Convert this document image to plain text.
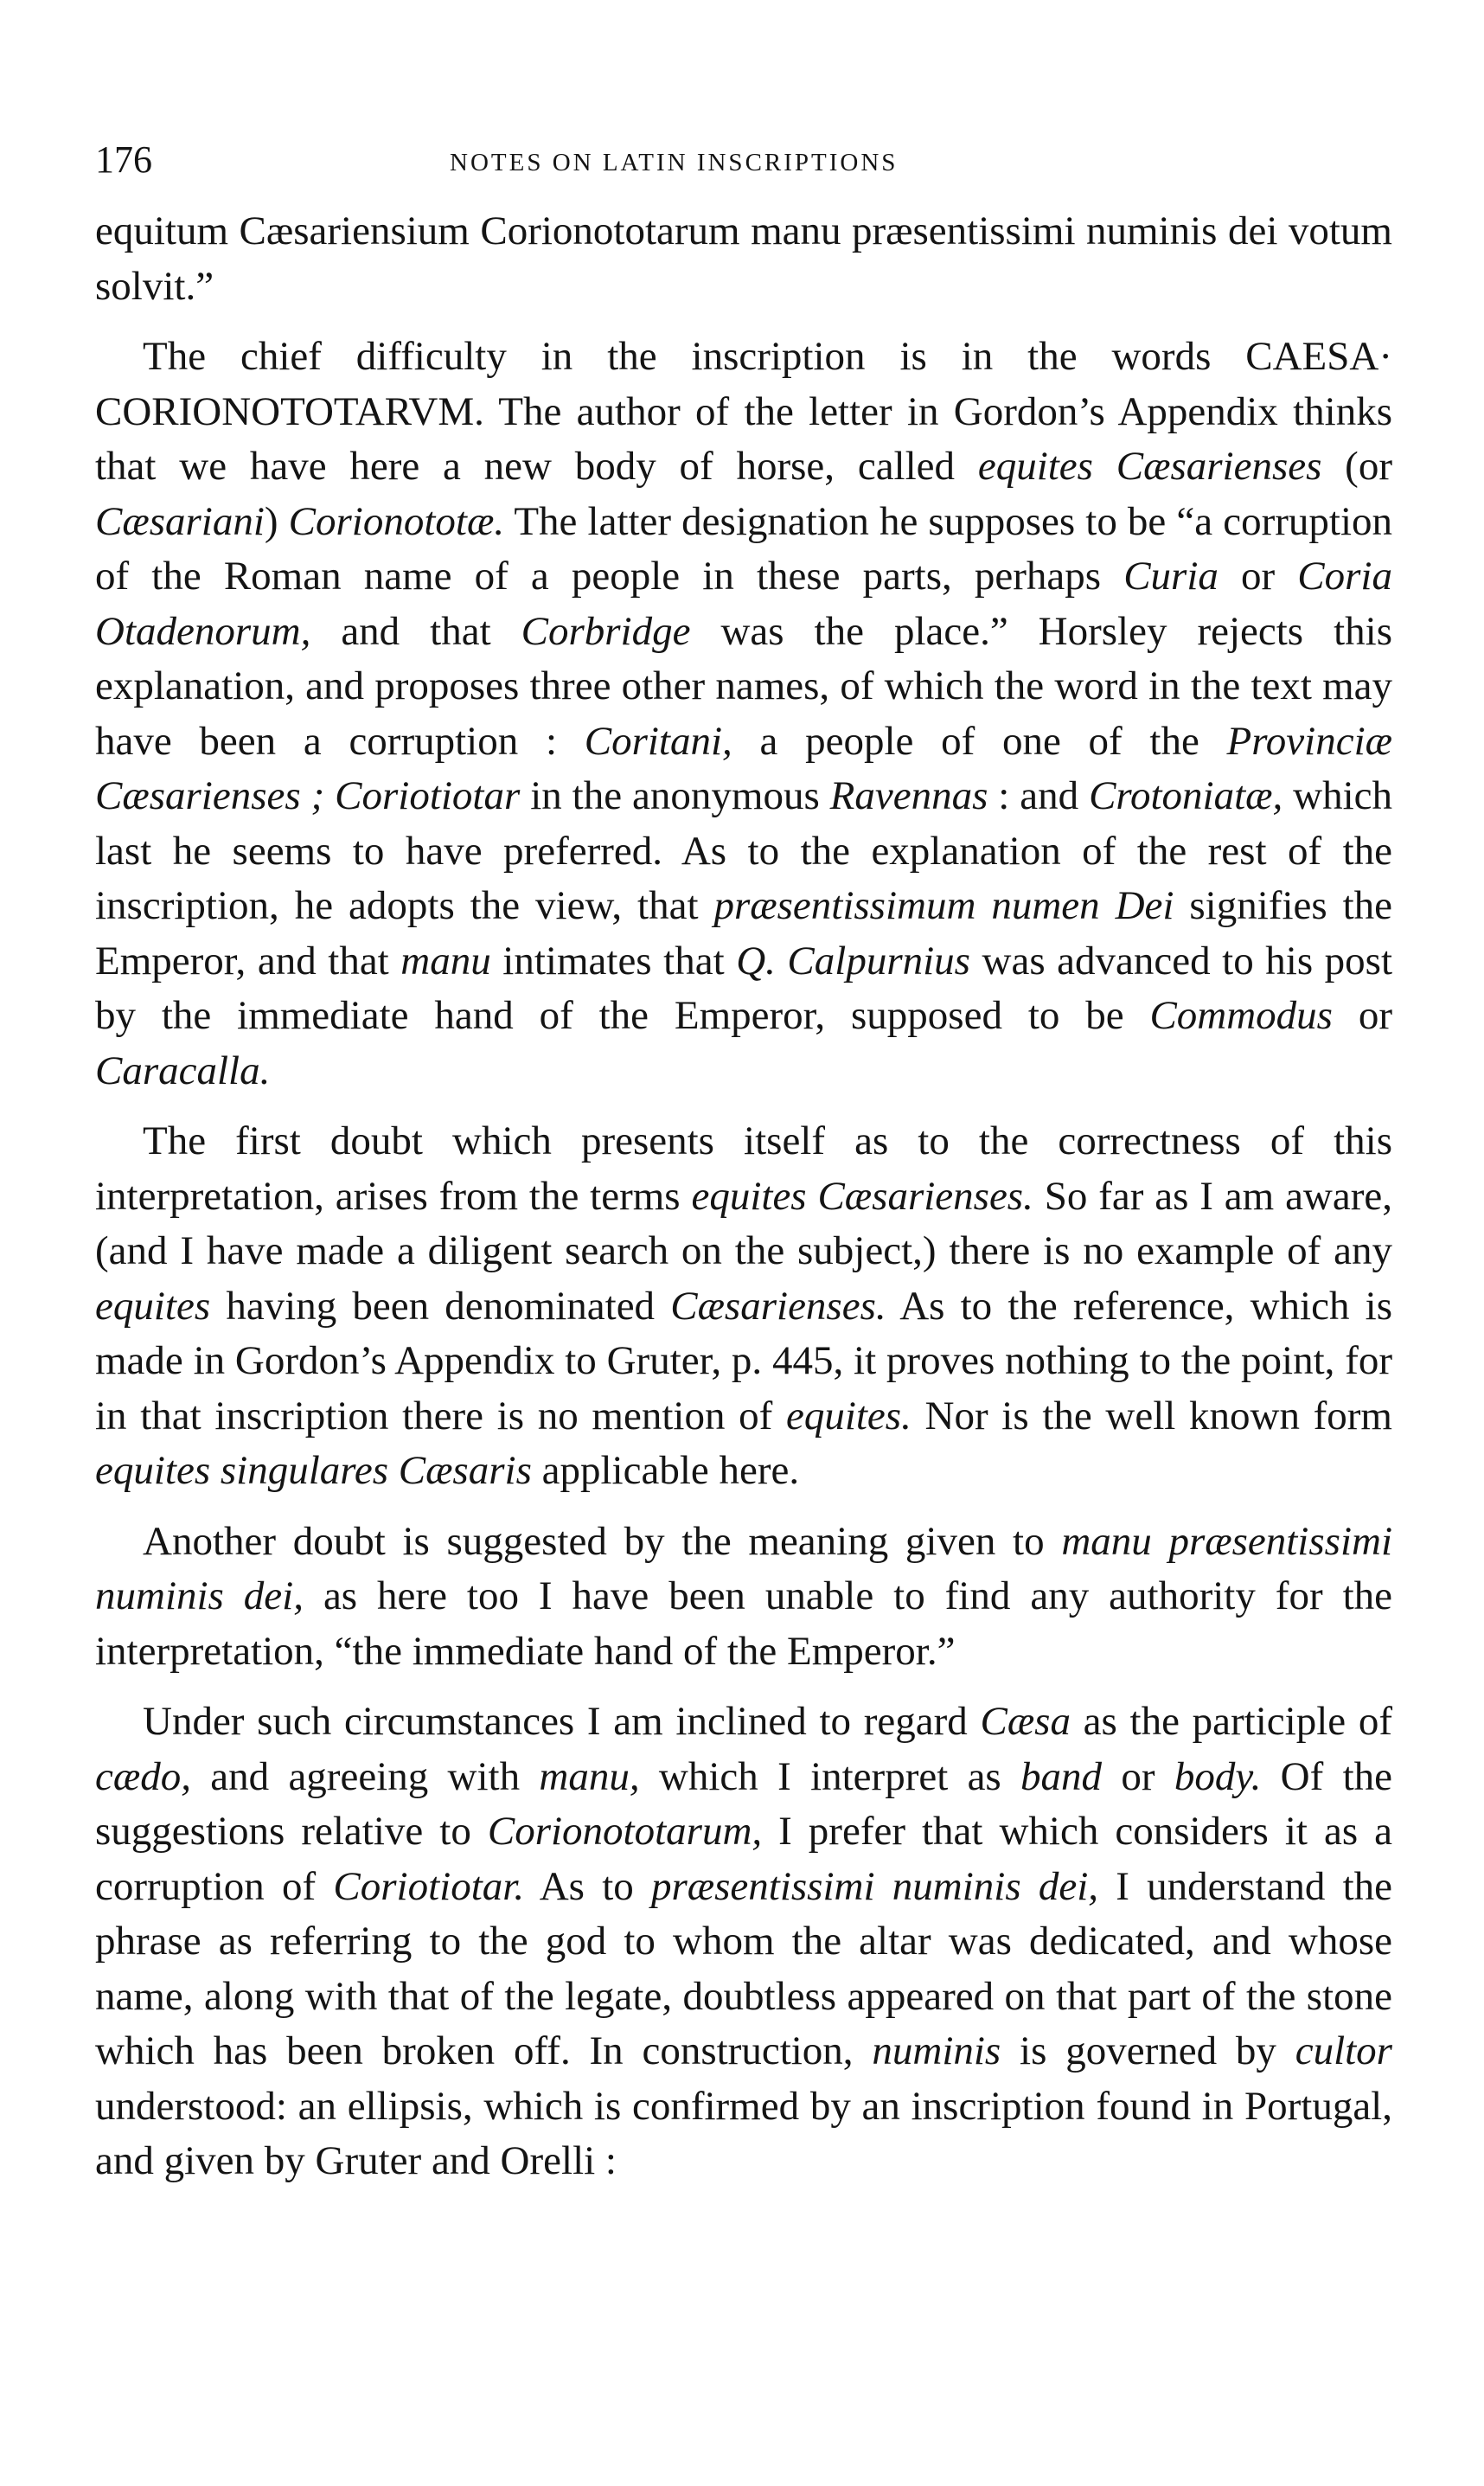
176	NOTES ON LATIN INSCRIPTIONS

equitum Cæsariensium Corionototarum manu præsentissimi numinis dei votum solvit.”

The chief difficulty in the inscription is in the words CAESA· CORIONOTOTARVM. The author of the letter in Gordon’s Appendix thinks that we have here a new body of horse, called equites Cæsarienses (or Cæsariani) Corionototæ. The latter designation he supposes to be “a corruption of the Roman name of a people in these parts, perhaps Curia or Coria Otadenorum, and that Corbridge was the place.” Horsley rejects this explanation, and proposes three other names, of which the word in the text may have been a corruption : Coritani, a people of one of the Provinciæ Cæsarienses ; Coriotiotar in the anonymous Ravennas : and Crotoniatæ, which last he seems to have preferred. As to the explanation of the rest of the inscription, he adopts the view, that præsentissimum numen Dei signifies the Emperor, and that manu intimates that Q. Calpurnius was advanced to his post by the immediate hand of the Emperor, supposed to be Commodus or Caracalla.

The first doubt which presents itself as to the correctness of this interpretation, arises from the terms equites Cæsarienses. So far as I am aware, (and I have made a diligent search on the subject,) there is no example of any equites having been denominated Cæsarienses. As to the reference, which is made in Gordon’s Appendix to Gruter, p. 445, it proves nothing to the point, for in that inscription there is no mention of equites. Nor is the well known form equites singulares Cæsaris applicable here.

Another doubt is suggested by the meaning given to manu præsentissimi numinis dei, as here too I have been unable to find any authority for the interpretation, “the immediate hand of the Emperor.”

Under such circumstances I am inclined to regard Cæsa as the participle of cædo, and agreeing with manu, which I interpret as band or body. Of the suggestions relative to Corionototarum, I prefer that which considers it as a corruption of Coriotiotar. As to præsentissimi numinis dei, I understand the phrase as referring to the god to whom the altar was dedicated, and whose name, along with that of the legate, doubtless appeared on that part of the stone which has been broken off. In construction, numinis is governed by cultor understood: an ellipsis, which is confirmed by an inscription found in Portugal, and given by Gruter and Orelli :
